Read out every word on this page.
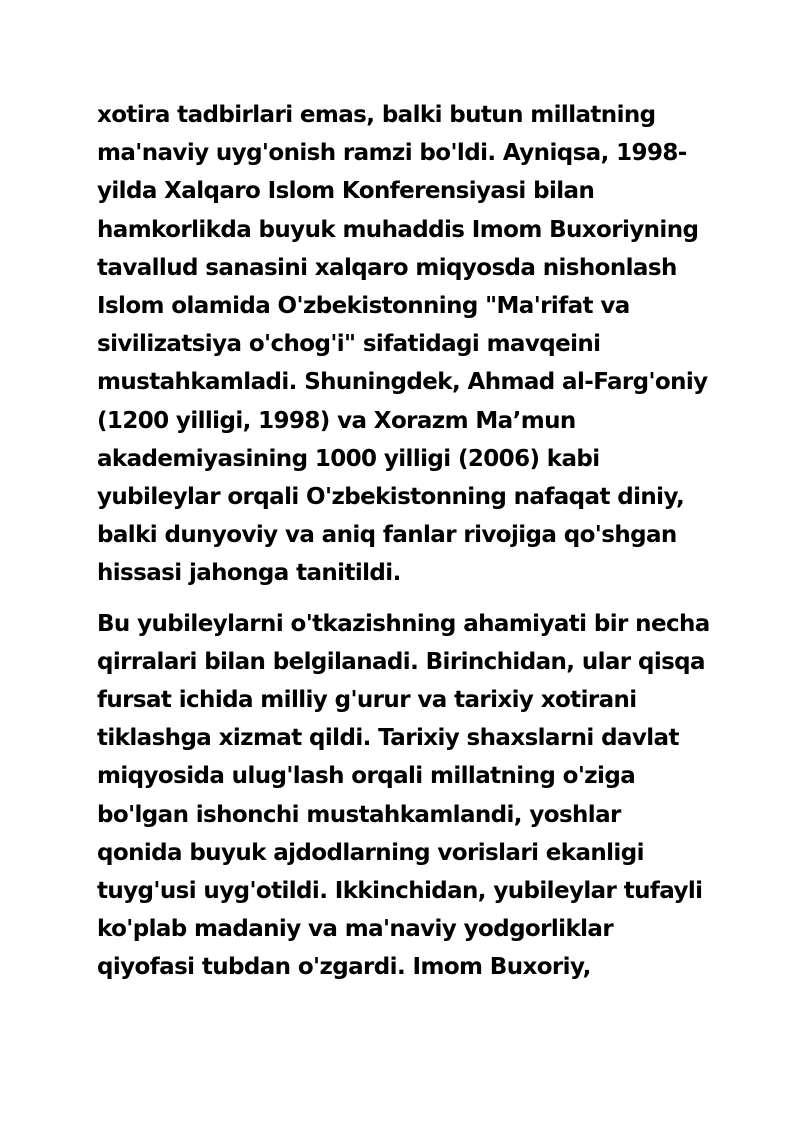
xotira tadbirlari emas, balki butun millatning
ma'naviy uyg'onish ramzi bo'ldi. Ayniqsa, 1998-
yilda Xalqaro Islom Konferensiyasi bilan
hamkorlikda buyuk muhaddis Imom Buxoriyning
tavallud sanasini xalqaro miqyosda nishonlash
Islom olamida O'zbekistonning "Ma'rifat va
sivilizatsiya o'chog'i" sifatidagi mavqeini
mustahkamladi. Shuningdek, Ahmad al-Farg'oniy
(1200 yilligi, 1998) va Xorazm Ma’mun
akademiyasining 1000 yilligi (2006) kabi
yubileylar orqali O'zbekistonning nafaqat diniy,
balki dunyoviy va aniq fanlar rivojiga qo'shgan
hissasi jahonga tanitildi.

Bu yubileylarni o'tkazishning ahamiyati bir necha
qirralari bilan belgilanadi. Birinchidan, ular qisqa
fursat ichida milliy g'urur va tarixiy xotirani
tiklashga xizmat qildi. Tarixiy shaxslarni davlat
miqyosida ulug'lash orqali millatning o'ziga
bo'lgan ishonchi mustahkamlandi, yoshlar
qonida buyuk ajdodlarning vorislari ekanligi
tuyg'usi uyg'otildi. Ikkinchidan, yubileylar tufayli
ko'plab madaniy va ma'naviy yodgorliklar
qiyofasi tubdan o'zgardi. Imom Buxoriy,
